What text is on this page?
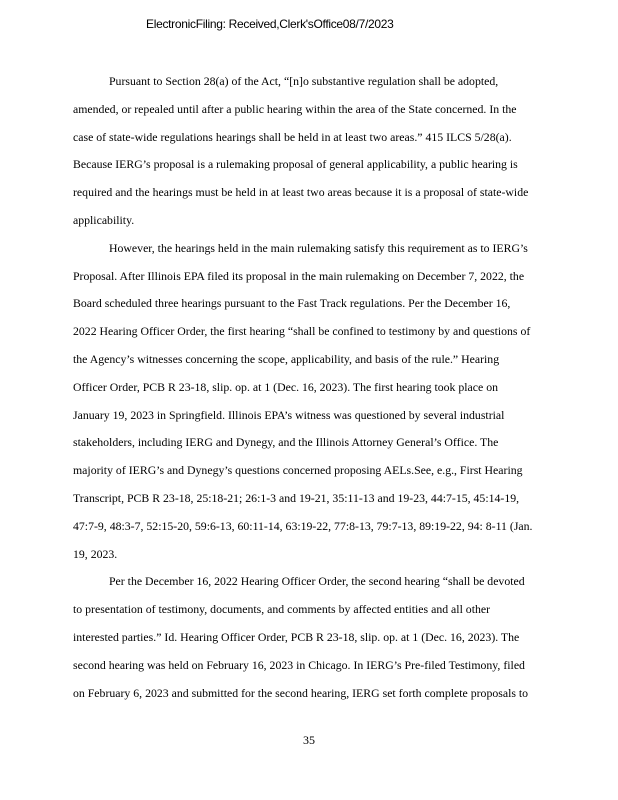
ElectronicFiling: Received,Clerk'sOffice08/7/2023
Pursuant to Section 28(a) of the Act, “[n]o substantive regulation shall be adopted,
amended, or repealed until after a public hearing within the area of the State concerned. In the
case of state-wide regulations hearings shall be held in at least two areas.” 415 ILCS 5/28(a).
Because IERG’s proposal is a rulemaking proposal of general applicability, a public hearing is
required and the hearings must be held in at least two areas because it is a proposal of state-wide
applicability.
However, the hearings held in the main rulemaking satisfy this requirement as to IERG’s
Proposal. After Illinois EPA filed its proposal in the main rulemaking on December 7, 2022, the
Board scheduled three hearings pursuant to the Fast Track regulations. Per the December 16,
2022 Hearing Officer Order, the first hearing “shall be confined to testimony by and questions of
the Agency’s witnesses concerning the scope, applicability, and basis of the rule.” Hearing
Officer Order, PCB R 23-18, slip. op. at 1 (Dec. 16, 2023). The first hearing took place on
January 19, 2023 in Springfield. Illinois EPA’s witness was questioned by several industrial
stakeholders, including IERG and Dynegy, and the Illinois Attorney General’s Office. The
majority of IERG’s and Dynegy’s questions concerned proposing AELs.See, e.g., First Hearing
Transcript, PCB R 23-18, 25:18-21; 26:1-3 and 19-21, 35:11-13 and 19-23, 44:7-15, 45:14-19,
47:7-9, 48:3-7, 52:15-20, 59:6-13, 60:11-14, 63:19-22, 77:8-13, 79:7-13, 89:19-22, 94: 8-11 (Jan.
19, 2023.
Per the December 16, 2022 Hearing Officer Order, the second hearing “shall be devoted
to presentation of testimony, documents, and comments by affected entities and all other
interested parties.” Id. Hearing Officer Order, PCB R 23-18, slip. op. at 1 (Dec. 16, 2023). The
second hearing was held on February 16, 2023 in Chicago. In IERG’s Pre-filed Testimony, filed
on February 6, 2023 and submitted for the second hearing, IERG set forth complete proposals to
35
